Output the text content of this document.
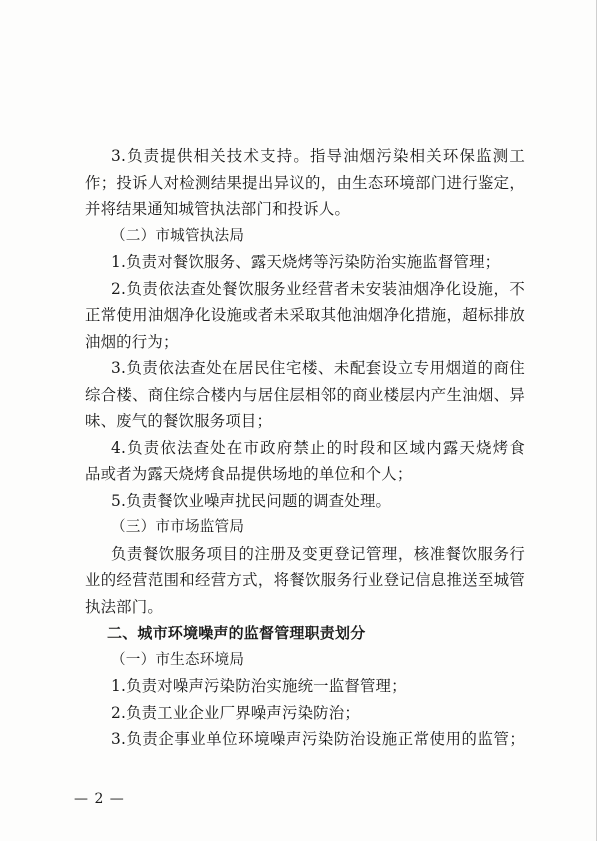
3.负责提供相关技术支持。指导油烟污染相关环保监测工
作；投诉人对检测结果提出异议的，由生态环境部门进行鉴定，
并将结果通知城管执法部门和投诉人。
（二）市城管执法局
1.负责对餐饮服务、露天烧烤等污染防治实施监督管理；
2.负责依法查处餐饮服务业经营者未安装油烟净化设施，不
正常使用油烟净化设施或者未采取其他油烟净化措施，超标排放
油烟的行为；
3.负责依法查处在居民住宅楼、未配套设立专用烟道的商住
综合楼、商住综合楼内与居住层相邻的商业楼层内产生油烟、异
味、废气的餐饮服务项目；
4.负责依法查处在市政府禁止的时段和区域内露天烧烤食
品或者为露天烧烤食品提供场地的单位和个人；
5.负责餐饮业噪声扰民问题的调查处理。
（三）市市场监管局
负责餐饮服务项目的注册及变更登记管理，核准餐饮服务行
业的经营范围和经营方式，将餐饮服务行业登记信息推送至城管
执法部门。
二、城市环境噪声的监督管理职责划分
（一）市生态环境局
1.负责对噪声污染防治实施统一监督管理；
2.负责工业企业厂界噪声污染防治；
3.负责企事业单位环境噪声污染防治设施正常使用的监管；
— 2 —
